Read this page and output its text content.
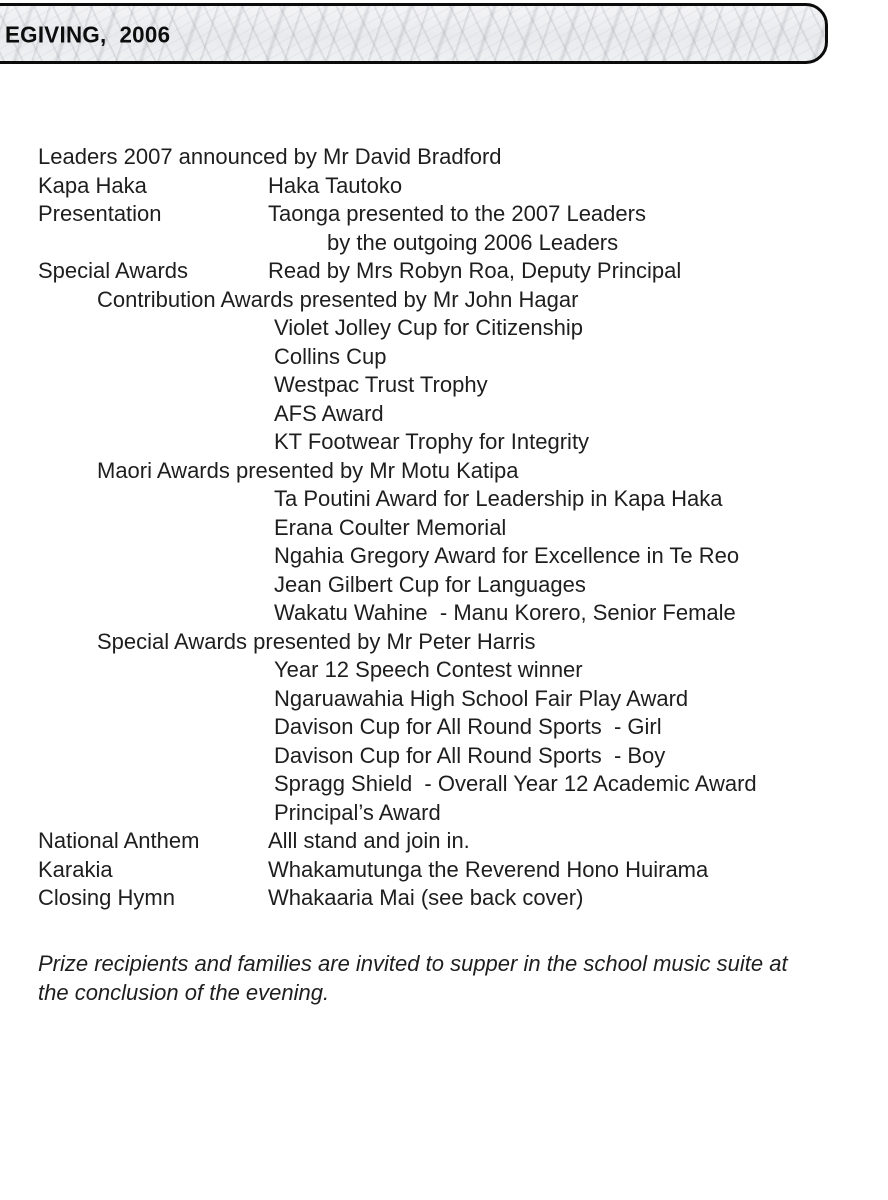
EGIVING,  2006
Leaders 2007 announced by Mr David Bradford
Kapa Haka	Haka Tautoko
Presentation	Taonga presented to the 2007 Leaders
by the outgoing 2006 Leaders
Special Awards	Read by Mrs Robyn Roa, Deputy Principal
Contribution Awards presented by Mr John Hagar
Violet Jolley Cup for Citizenship
Collins Cup
Westpac Trust Trophy
AFS Award
KT Footwear Trophy for Integrity
Maori Awards presented by Mr Motu Katipa
Ta Poutini Award for Leadership in Kapa Haka
Erana Coulter Memorial
Ngahia Gregory Award for Excellence in Te Reo
Jean Gilbert Cup for Languages
Wakatu Wahine  - Manu Korero, Senior Female
Special Awards presented by Mr Peter Harris
Year 12 Speech Contest winner
Ngaruawahia High School Fair Play Award
Davison Cup for All Round Sports  - Girl
Davison Cup for All Round Sports  - Boy
Spragg Shield  - Overall Year 12 Academic Award
Principal’s Award
National Anthem	Alll stand and join in.
Karakia	Whakamutunga the Reverend Hono Huirama
Closing Hymn	Whakaaria Mai (see back cover)
Prize recipients and families are invited to supper in the school music suite at
the conclusion of the evening.
